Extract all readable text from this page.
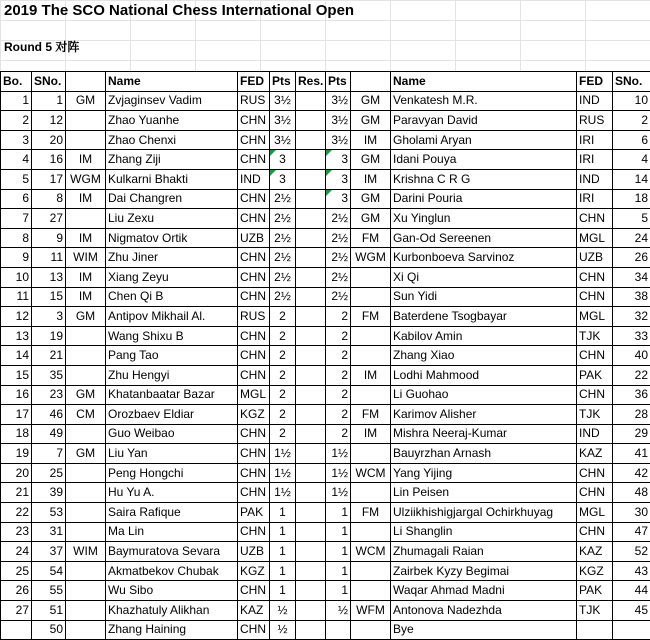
2019 The SCO National Chess International Open
Round 5 对阵
Bo.	SNo.		Name	FED	Pts	Res.	Pts		Name	FED	SNo.
1	1	GM	Zvjaginsev Vadim	RUS	3½		3½	GM	Venkatesh M.R.	IND	10
2	12		Zhao Yuanhe	CHN	3½		3½	GM	Paravyan David	RUS	2
3	20		Zhao Chenxi	CHN	3½		3½	IM	Gholami Aryan	IRI	6
4	16	IM	Zhang Ziji	CHN	3		3	GM	Idani Pouya	IRI	4
5	17	WGM	Kulkarni Bhakti	IND	3		3	IM	Krishna C R G	IND	14
6	8	IM	Dai Changren	CHN	2½		3	GM	Darini Pouria	IRI	18
7	27		Liu Zexu	CHN	2½		2½	GM	Xu Yinglun	CHN	5
8	9	IM	Nigmatov Ortik	UZB	2½		2½	FM	Gan-Od Sereenen	MGL	24
9	11	WIM	Zhu Jiner	CHN	2½		2½	WGM	Kurbonboeva Sarvinoz	UZB	26
10	13	IM	Xiang Zeyu	CHN	2½		2½		Xi Qi	CHN	34
11	15	IM	Chen Qi B	CHN	2½		2½		Sun Yidi	CHN	38
12	3	GM	Antipov Mikhail Al.	RUS	2		2	FM	Baterdene Tsogbayar	MGL	32
13	19		Wang Shixu B	CHN	2		2		Kabilov Amin	TJK	33
14	21		Pang Tao	CHN	2		2		Zhang Xiao	CHN	40
15	35		Zhu Hengyi	CHN	2		2	IM	Lodhi Mahmood	PAK	22
16	23	GM	Khatanbaatar Bazar	MGL	2		2		Li Guohao	CHN	36
17	46	CM	Orozbaev Eldiar	KGZ	2		2	FM	Karimov Alisher	TJK	28
18	49		Guo Weibao	CHN	2		2	IM	Mishra Neeraj-Kumar	IND	29
19	7	GM	Liu Yan	CHN	1½		1½		Bauyrzhan Arnash	KAZ	41
20	25		Peng Hongchi	CHN	1½		1½	WCM	Yang Yijing	CHN	42
21	39		Hu Yu A.	CHN	1½		1½		Lin Peisen	CHN	48
22	53		Saira Rafique	PAK	1		1	FM	Ulziikhishigjargal Ochirkhuyag	MGL	30
23	31		Ma Lin	CHN	1		1		Li Shanglin	CHN	47
24	37	WIM	Baymuratova Sevara	UZB	1		1	WCM	Zhumagali Raian	KAZ	52
25	54		Akmatbekov Chubak	KGZ	1		1		Zairbek Kyzy Begimai	KGZ	43
26	55		Wu Sibo	CHN	1		1		Waqar Ahmad Madni	PAK	44
27	51		Khazhatuly Alikhan	KAZ	½		½	WFM	Antonova Nadezhda	TJK	45
	50		Zhang Haining	CHN	½				Bye		
